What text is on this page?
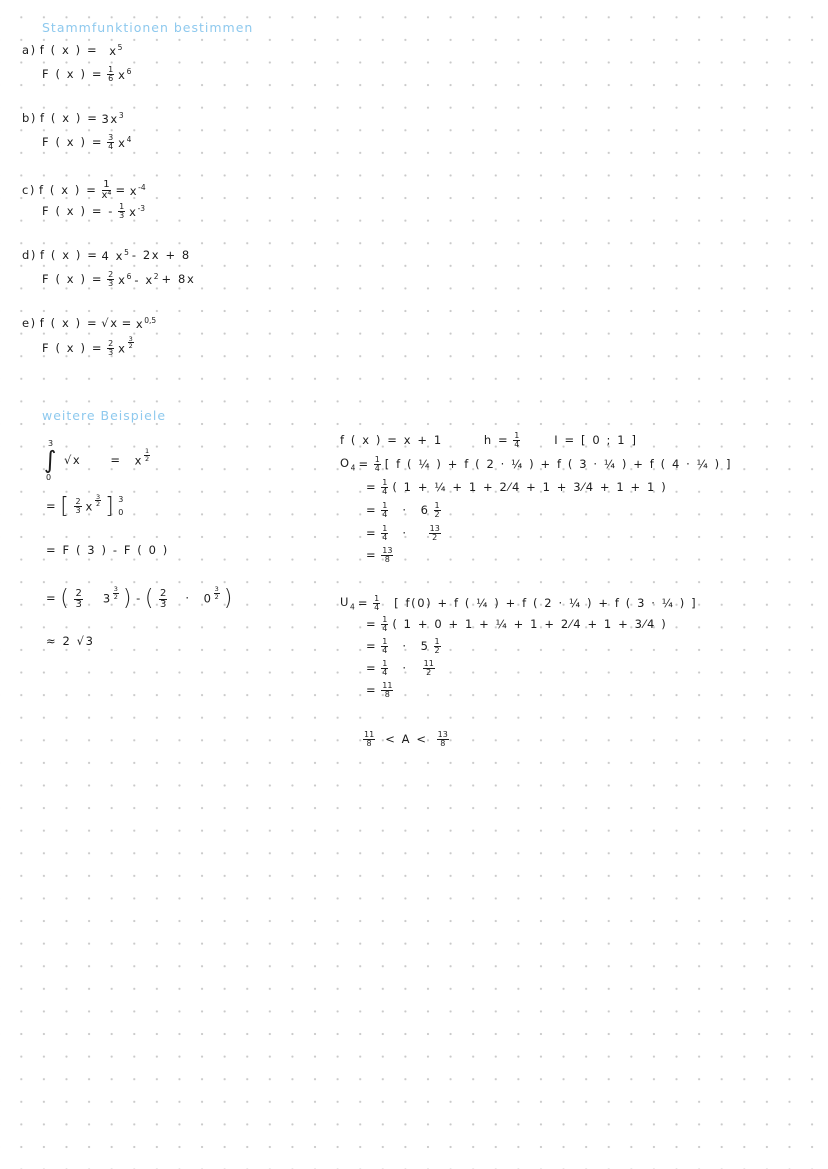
Stammfunktionen bestimmen
a) f ( x ) = $x^5$
F ( x ) = $\frac{1}{6} x^6$
b) f ( x ) = $3x^3$
F ( x ) = $\frac{3}{4} x^4$
c) f ( x ) = $\frac{1}{\text{x⁴}} = x^{-4}$
F ( x ) = - $\frac{1}{3} x^{-3}$
d) f ( x ) = 4 $x^5 - 2x + 8$
F ( x ) = $\frac{2}{3} x^6 - x^2 + 8x$
e) f ( x ) = $√x = x^{0,5}$
F ( x ) = $\frac{2}{3}$ x $\frac{3}{2}$
weitere Beispiele
∫
3
0
√x	= x $\frac{1}{2}$
= [ $\frac{2}{3}$ x $\frac{3}{2}$ ] 3
0
= F ( 3 ) - F ( 0 )
= ( $\frac{2}{3} 3 \frac{3}{2}$ ) - ( $\frac{2}{3} \cdot 0 \frac{3}{2}$ )
≈ 2 √3
f ( x ) = x + 1	$h = \frac{1}{4}$	I = [ 0 ; 1 ]
$O_4 = \frac{1}{4}$ [ f ( ¼ ) + f ( 2 · ¼ ) + f ( 3 · ¼ ) + f ( 4 · ¼ ) ]
= $\frac{1}{4}$ ( 1 + ¼ + 1 + 2⁄4 + 1 + 3⁄4 + 1 + 1 )
= $\frac{1}{4} \cdot 6 \frac{1}{2}$
= $\frac{1}{4}$ ·	$\frac{13}{2}$
= $\frac{13}{8}$
$U_4 = \frac{1}{4}$ [ f(0) + f ( ¼ ) + f ( 2 · ¼ ) + f ( 3 · ¼ ) ]
= $\frac{1}{4}$ ( 1 + 0 + 1 + ¼ + 1 + 2⁄4 + 1 + 3⁄4 )
= $\frac{1}{4} \cdot 5 \frac{1}{2}$
= $\frac{1}{4} \cdot \frac{11}{2}$
= $\frac{11}{8}$
$\frac{11}{8} < A < \frac{13}{8}$
